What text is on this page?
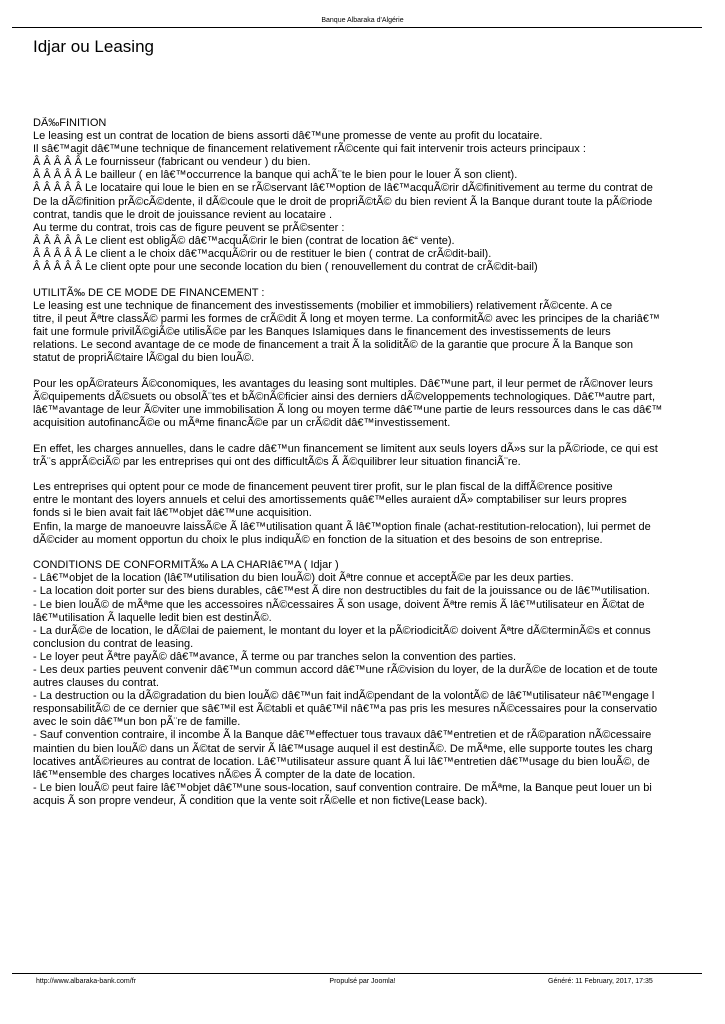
Banque Albaraka d'Algérie
Idjar ou Leasing
DÃ‰FINITION
Le leasing est un contrat de location de biens assorti dâ€™une promesse de vente au profit du locataire.
Il sâ€™agit dâ€™une technique de financement relativement rÃ©cente qui fait intervenir trois acteurs principaux :
Â Â Â Â Â Le fournisseur (fabricant ou vendeur ) du bien.
Â Â Â Â Â Le bailleur ( en lâ€™occurrence la banque qui achÃ¨te le bien pour le louer Ã son client).
Â Â Â Â Â Le locataire qui loue le bien en se rÃ©servant lâ€™option de lâ€™acquÃ©rir dÃ©finitivement au terme du contrat de
De la dÃ©finition prÃ©cÃ©dente, il dÃ©coule que le droit de propriÃ©tÃ© du bien revient Ã la Banque durant toute la pÃ©riode
contrat, tandis que le droit de jouissance revient au locataire .
Au terme du contrat, trois cas de figure peuvent se prÃ©senter :
Â Â Â Â Â Le client est obligÃ© dâ€™acquÃ©rir le bien (contrat de location â€“ vente).
Â Â Â Â Â Le client a le choix dâ€™acquÃ©rir ou de restituer le bien ( contrat de crÃ©dit-bail).
Â Â Â Â Â Le client opte pour une seconde location du bien ( renouvellement du contrat de crÃ©dit-bail)
UTILITÃ‰ DE CE MODE DE FINANCEMENT :
Le leasing est une technique de financement des investissements (mobilier et immobiliers) relativement rÃ©cente. A ce
titre, il peut Ãªtre classÃ© parmi les formes de crÃ©dit Ã long et moyen terme. La conformitÃ© avec les principes de la chariâ€™
fait une formule privilÃ©giÃ©e utilisÃ©e par les Banques Islamiques dans le financement des investissements de leurs
relations. Le second avantage de ce mode de financement a trait Ã la soliditÃ© de la garantie que procure Ã la Banque son
statut de propriÃ©taire lÃ©gal du bien louÃ©.
Pour les opÃ©rateurs Ã©conomiques, les avantages du leasing sont multiples. Dâ€™une part, il leur permet de rÃ©nover leurs
Ã©quipements dÃ©suets ou obsolÃ¨tes et bÃ©nÃ©ficier ainsi des derniers dÃ©veloppements technologiques. Dâ€™autre part,
lâ€™avantage de leur Ã©viter une immobilisation Ã long ou moyen terme dâ€™une partie de leurs ressources dans le cas dâ€™
acquisition autofinancÃ©e ou mÃªme financÃ©e par un crÃ©dit dâ€™investissement.
En effet, les charges annuelles, dans le cadre dâ€™un financement se limitent aux seuls loyers dÃ»s sur la pÃ©riode, ce qui est
trÃ¨s apprÃ©ciÃ© par les entreprises qui ont des difficultÃ©s Ã Ã©quilibrer leur situation financiÃ¨re.
Les entreprises qui optent pour ce mode de financement peuvent tirer profit, sur le plan fiscal de la diffÃ©rence positive
entre le montant des loyers annuels et celui des amortissements quâ€™elles auraient dÃ» comptabiliser sur leurs propres
fonds si le bien avait fait lâ€™objet dâ€™une acquisition.
Enfin, la marge de manoeuvre laissÃ©e Ã lâ€™utilisation quant Ã lâ€™option finale (achat-restitution-relocation), lui permet de
dÃ©cider au moment opportun du choix le plus indiquÃ© en fonction de la situation et des besoins de son entreprise.
CONDITIONS DE CONFORMITÃ‰ A LA CHARIâ€™A ( Idjar )
- Lâ€™objet de la location (lâ€™utilisation du bien louÃ©) doit Ãªtre connue et acceptÃ©e par les deux parties.
- La location doit porter sur des biens durables, câ€™est Ã dire non destructibles du fait de la jouissance ou de lâ€™utilisation.
- Le bien louÃ© de mÃªme que les accessoires nÃ©cessaires Ã son usage, doivent Ãªtre remis Ã lâ€™utilisateur en Ã©tat de
lâ€™utilisation Ã laquelle ledit bien est destinÃ©.
- La durÃ©e de location, le dÃ©lai de paiement, le montant du loyer et la pÃ©riodicitÃ© doivent Ãªtre dÃ©terminÃ©s et connus
conclusion du contrat de leasing.
- Le loyer peut Ãªtre payÃ© dâ€™avance, Ã terme ou par tranches selon la convention des parties.
- Les deux parties peuvent convenir dâ€™un commun accord dâ€™une rÃ©vision du loyer, de la durÃ©e de location et de toute
autres clauses du contrat.
- La destruction ou la dÃ©gradation du bien louÃ© dâ€™un fait indÃ©pendant de la volontÃ© de lâ€™utilisateur nâ€™engage l
responsabilitÃ© de ce dernier que sâ€™il est Ã©tabli et quâ€™il nâ€™a pas pris les mesures nÃ©cessaires pour la conservatio
avec le soin dâ€™un bon pÃ¨re de famille.
- Sauf convention contraire, il incombe Ã la Banque dâ€™effectuer tous travaux dâ€™entretien et de rÃ©paration nÃ©cessaire
maintien du bien louÃ© dans un Ã©tat de servir Ã lâ€™usage auquel il est destinÃ©. De mÃªme, elle supporte toutes les charg
locatives antÃ©rieures au contrat de location. Lâ€™utilisateur assure quant Ã lui lâ€™entretien dâ€™usage du bien louÃ©, de
lâ€™ensemble des charges locatives nÃ©es Ã compter de la date de location.
- Le bien louÃ© peut faire lâ€™objet dâ€™une sous-location, sauf convention contraire. De mÃªme, la Banque peut louer un bi
acquis Ã son propre vendeur, Ã condition que la vente soit rÃ©elle et non fictive(Lease back).
http://www.albaraka-bank.com/fr	Propulsé par Joomla!	Généré: 11 February, 2017, 17:35
